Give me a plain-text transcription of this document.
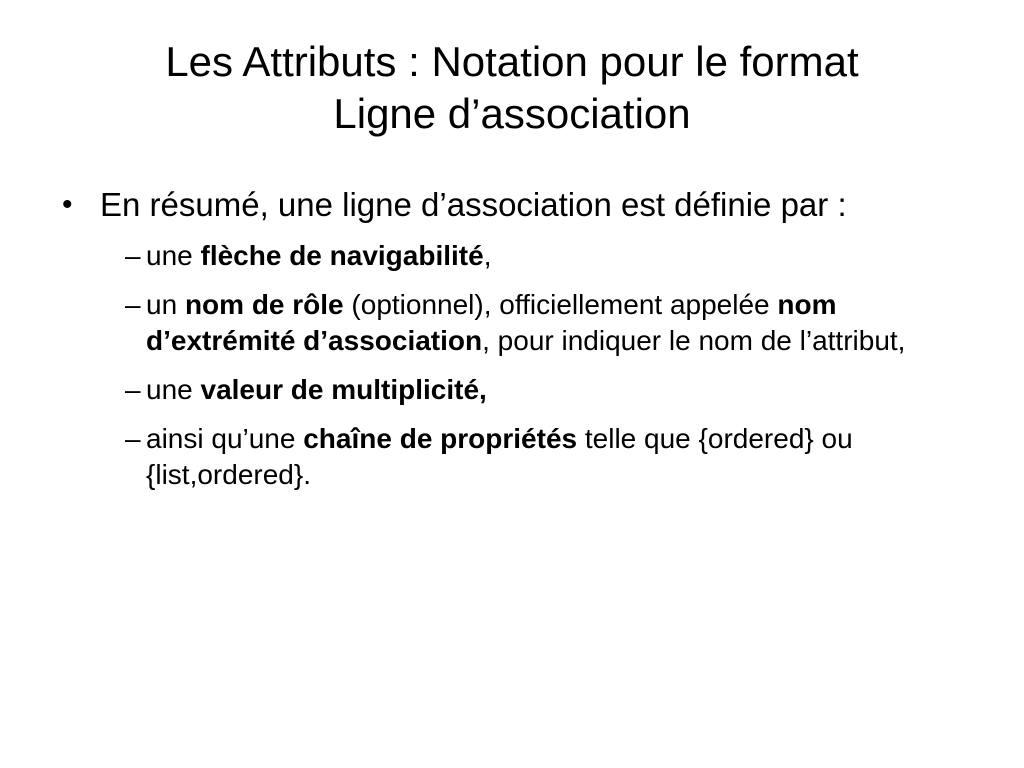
Les Attributs : Notation pour le format
Ligne d’association
• En résumé, une ligne d’association est définie par :
– une flèche de navigabilité,
– un nom de rôle (optionnel), officiellement appelée nom d’extrémité d’association, pour indiquer le nom de l’attribut,
– une valeur de multiplicité,
– ainsi qu’une chaîne de propriétés telle que {ordered} ou {list,ordered}.
